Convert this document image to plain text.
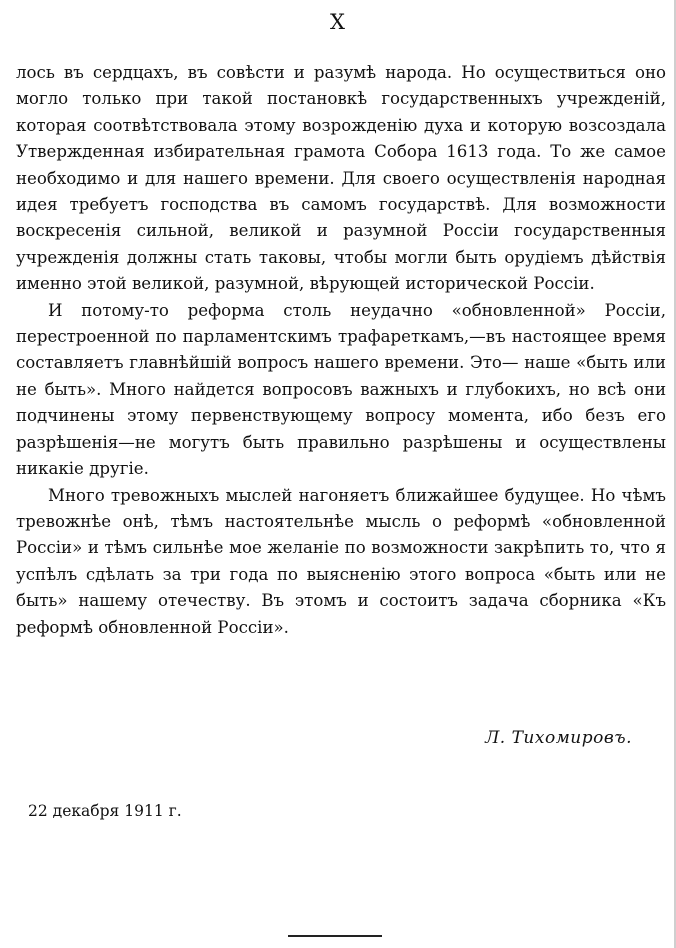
X

лось въ сердцахъ, въ совѣсти и разумѣ народа. Но осуществиться оно могло только при такой постановкѣ государственныхъ учрежденій, которая соотвѣтствовала этому возрожденію духа и которую возсоздала Утвержденная избирательная грамота Собора 1613 года. То же самое необходимо и для нашего времени. Для своего осуществленія народная идея требуетъ господства въ самомъ государствѣ. Для возможности воскресенія сильной, великой и разумной Россіи государственныя учрежденія должны стать таковы, чтобы могли быть орудіемъ дѣйствія именно этой великой, разумной, вѣрующей исторической Россіи.

И потому-то реформа столь неудачно «обновленной» Россіи, перестроенной по парламентскимъ трафареткамъ,—въ настоящее время составляетъ главнѣйшій вопросъ нашего времени. Это— наше «быть или не быть». Много найдется вопросовъ важныхъ и глубокихъ, но всѣ они подчинены этому первенствующему вопросу момента, ибо безъ его разрѣшенія—не могутъ быть правильно разрѣшены и осуществлены никакіе другіе.

Много тревожныхъ мыслей нагоняетъ ближайшее будущее. Но чѣмъ тревожнѣе онѣ, тѣмъ настоятельнѣе мысль о реформѣ «обновленной Россіи» и тѣмъ сильнѣе мое желаніе по возможности закрѣпить то, что я успѣлъ сдѣлать за три года по выясненію этого вопроса «быть или не быть» нашему отечеству. Въ этомъ и состоитъ задача сборника «Къ реформѣ обновленной Россіи».

Л. Тихомировъ.
22 декабря 1911 г.
